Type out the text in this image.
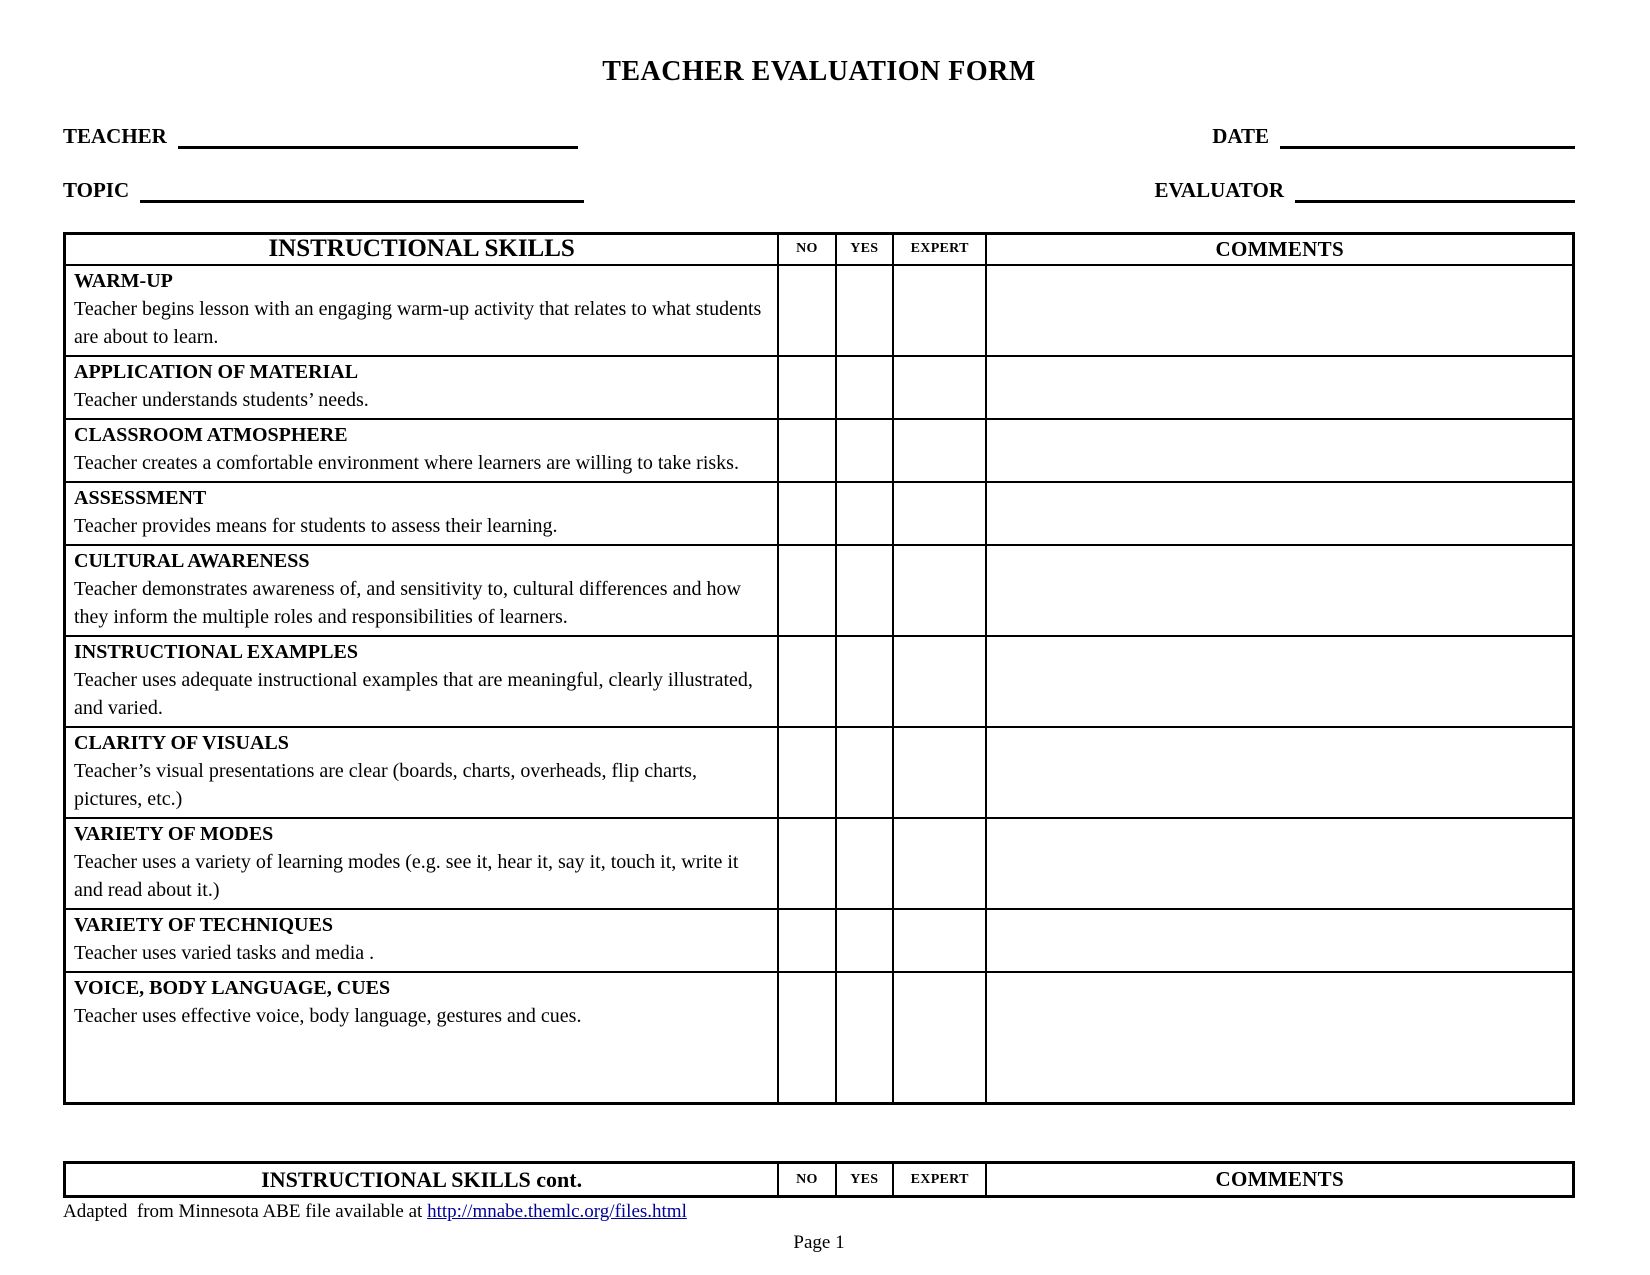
TEACHER EVALUATION FORM
TEACHER	DATE
TOPIC	EVALUATOR
INSTRUCTIONAL SKILLS	NO	YES	EXPERT	COMMENTS

WARM-UP
Teacher begins lesson with an engaging warm-up activity that relates to what students are about to learn.				

APPLICATION OF MATERIAL
Teacher understands students’ needs.				

CLASSROOM ATMOSPHERE
Teacher creates a comfortable environment where learners are willing to take risks.				

ASSESSMENT
Teacher provides means for students to assess their learning.				

CULTURAL AWARENESS
Teacher demonstrates awareness of, and sensitivity to, cultural differences and how they inform the multiple roles and responsibilities of learners.				

INSTRUCTIONAL EXAMPLES
Teacher uses adequate instructional examples that are meaningful, clearly illustrated, and varied.				

CLARITY OF VISUALS
Teacher’s visual presentations are clear (boards, charts, overheads, flip charts, pictures, etc.)				

VARIETY OF MODES
Teacher uses a variety of learning modes (e.g. see it, hear it, say it, touch it, write it and read about it.)				

VARIETY OF TECHNIQUES
Teacher uses varied tasks and media .				

VOICE, BODY LANGUAGE, CUES
Teacher uses effective voice, body language, gestures and cues.				

INSTRUCTIONAL SKILLS cont.	NO	YES	EXPERT	COMMENTS
Adapted  from Minnesota ABE file available at http://mnabe.themlc.org/files.html
Page 1
